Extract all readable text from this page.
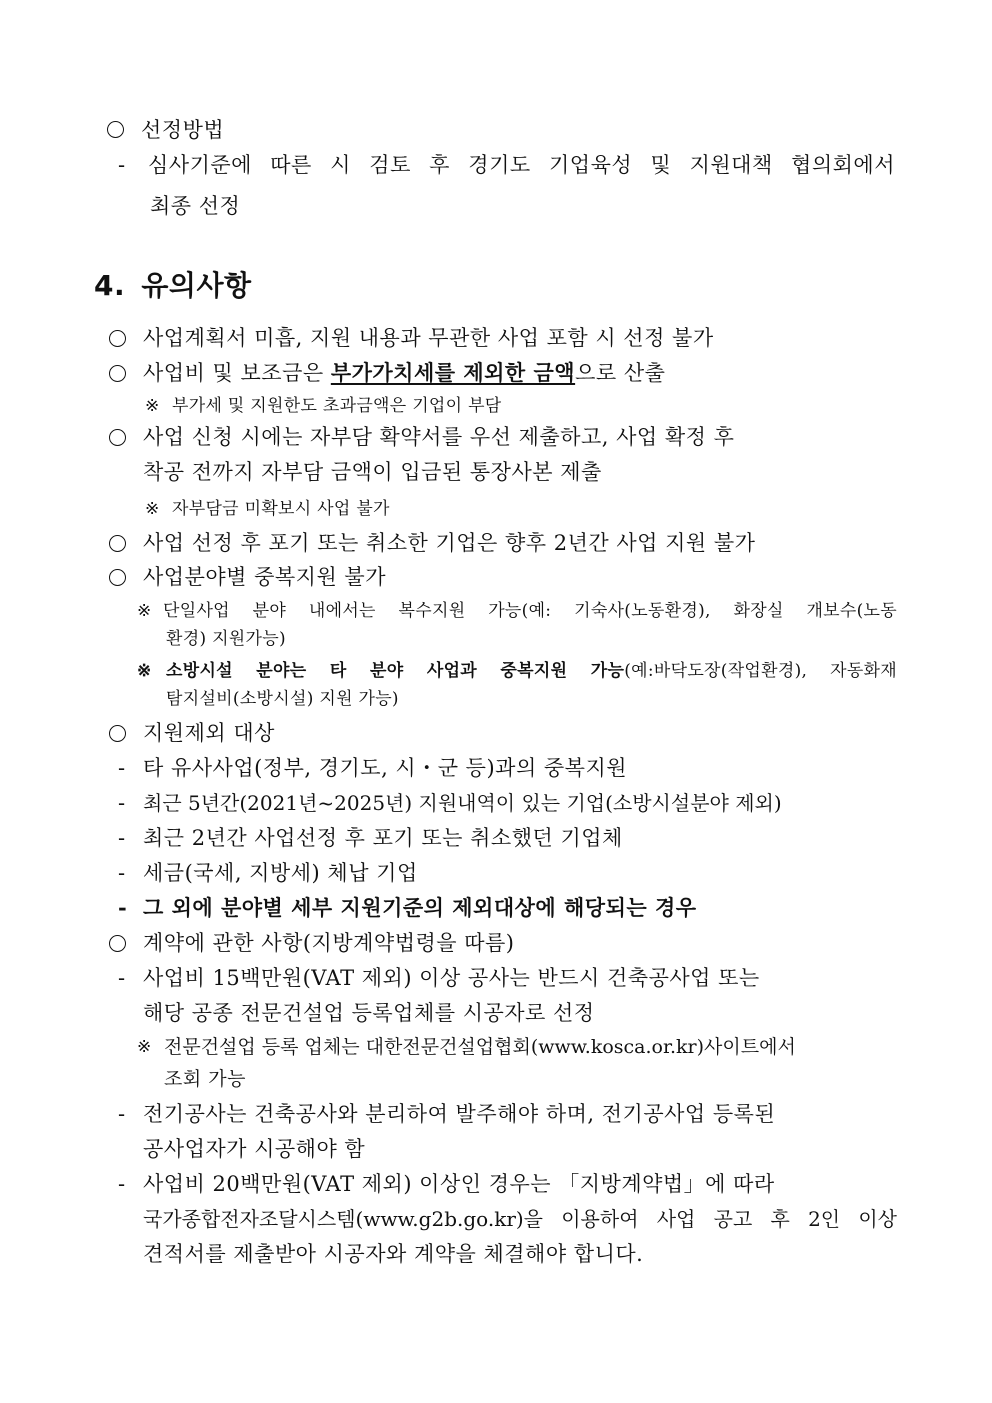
선정방법
- 심사기준에 따른 시 검토 후 경기도 기업육성 및 지원대책 협의회에서
최종 선정
4. 유의사항
사업계획서 미흡, 지원 내용과 무관한 사업 포함 시 선정 불가
사업비 및 보조금은 부가가치세를 제외한 금액으로 산출
※ 부가세 및 지원한도 초과금액은 기업이 부담
사업 신청 시에는 자부담 확약서를 우선 제출하고, 사업 확정 후
착공 전까지 자부담 금액이 입금된 통장사본 제출
※ 자부담금 미확보시 사업 불가
사업 선정 후 포기 또는 취소한 기업은 향후 2년간 사업 지원 불가
사업분야별 중복지원 불가
※ 단일사업 분야 내에서는 복수지원 가능(예: 기숙사(노동환경), 화장실 개보수(노동
환경) 지원가능)
※ 소방시설 분야는 타 분야 사업과 중복지원 가능(예:바닥도장(작업환경), 자동화재
탐지설비(소방시설) 지원 가능)
지원제외 대상
- 타 유사사업(정부, 경기도, 시・군 등)과의 중복지원
- 최근 5년간(2021년~2025년) 지원내역이 있는 기업(소방시설분야 제외)
- 최근 2년간 사업선정 후 포기 또는 취소했던 기업체
- 세금(국세, 지방세) 체납 기업
- 그 외에 분야별 세부 지원기준의 제외대상에 해당되는 경우
계약에 관한 사항(지방계약법령을 따름)
- 사업비 15백만원(VAT 제외) 이상 공사는 반드시 건축공사업 또는
해당 공종 전문건설업 등록업체를 시공자로 선정
※ 전문건설업 등록 업체는 대한전문건설업협회(www.kosca.or.kr)사이트에서
조회 가능
- 전기공사는 건축공사와 분리하여 발주해야 하며, 전기공사업 등록된
공사업자가 시공해야 함
- 사업비 20백만원(VAT 제외) 이상인 경우는 「지방계약법」에 따라
국가종합전자조달시스템(www.g2b.go.kr)을 이용하여 사업 공고 후 2인 이상
견적서를 제출받아 시공자와 계약을 체결해야 합니다.
